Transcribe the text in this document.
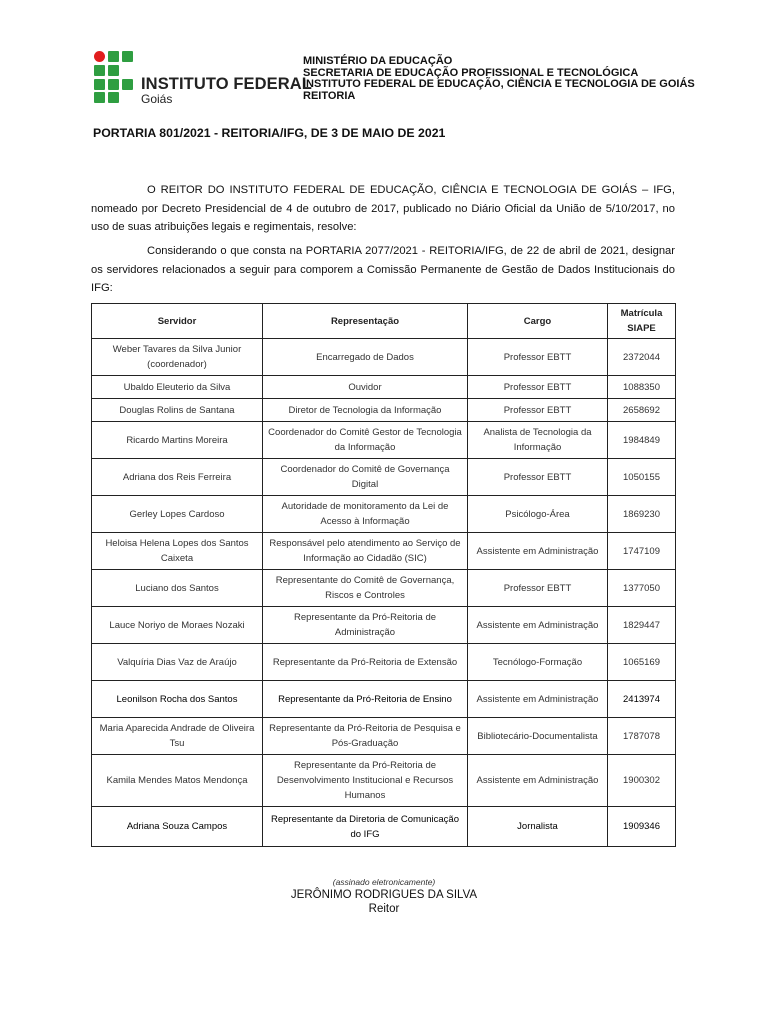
INSTITUTO FEDERAL
Goiás
MINISTÉRIO DA EDUCAÇÃO
SECRETARIA DE EDUCAÇÃO PROFISSIONAL E TECNOLÓGICA
INSTITUTO FEDERAL DE EDUCAÇÃO, CIÊNCIA E TECNOLOGIA DE GOIÁS
REITORIA
PORTARIA 801/2021 - REITORIA/IFG, DE 3 DE MAIO DE 2021
O REITOR DO INSTITUTO FEDERAL DE EDUCAÇÃO, CIÊNCIA E TECNOLOGIA DE GOIÁS – IFG, nomeado por Decreto Presidencial de 4 de outubro de 2017, publicado no Diário Oficial da União de 5/10/2017, no uso de suas atribuições legais e regimentais, resolve:
Considerando o que consta na PORTARIA 2077/2021 - REITORIA/IFG, de 22 de abril de 2021, designar os servidores relacionados a seguir para comporem a Comissão Permanente de Gestão de Dados Institucionais do IFG:
Servidor	Representação	Cargo	Matrícula SIAPE
Weber Tavares da Silva Junior (coordenador)	Encarregado de Dados	Professor EBTT	2372044
Ubaldo Eleuterio da Silva	Ouvidor	Professor EBTT	1088350
Douglas Rolins de Santana	Diretor de Tecnologia da Informação	Professor EBTT	2658692
Ricardo Martins Moreira	Coordenador do Comitê Gestor de Tecnologia da Informação	Analista de Tecnologia da Informação	1984849
Adriana dos Reis Ferreira	Coordenador do Comitê de Governança Digital	Professor EBTT	1050155
Gerley Lopes Cardoso	Autoridade de monitoramento da Lei de Acesso à Informação	Psicólogo-Área	1869230
Heloisa Helena Lopes dos Santos Caixeta	Responsável pelo atendimento ao Serviço de Informação ao Cidadão (SIC)	Assistente em Administração	1747109
Luciano dos Santos	Representante do Comitê de Governança, Riscos e Controles	Professor EBTT	1377050
Lauce Noriyo de Moraes Nozaki	Representante da Pró-Reitoria de Administração	Assistente em Administração	1829447
Valquíria Dias Vaz de Araújo	Representante da Pró-Reitoria de Extensão	Tecnólogo-Formação	1065169
Leonilson Rocha dos Santos	Representante da Pró-Reitoria de Ensino	Assistente em Administração	2413974
Maria Aparecida Andrade de Oliveira Tsu	Representante da Pró-Reitoria de Pesquisa e Pós-Graduação	Bibliotecário-Documentalista	1787078
Kamila Mendes Matos Mendonça	Representante da Pró-Reitoria de Desenvolvimento Institucional e Recursos Humanos	Assistente em Administração	1900302
Adriana Souza Campos	Representante da Diretoria de Comunicação do IFG	Jornalista	1909346
(assinado eletronicamente)
JERÔNIMO RODRIGUES DA SILVA
Reitor
